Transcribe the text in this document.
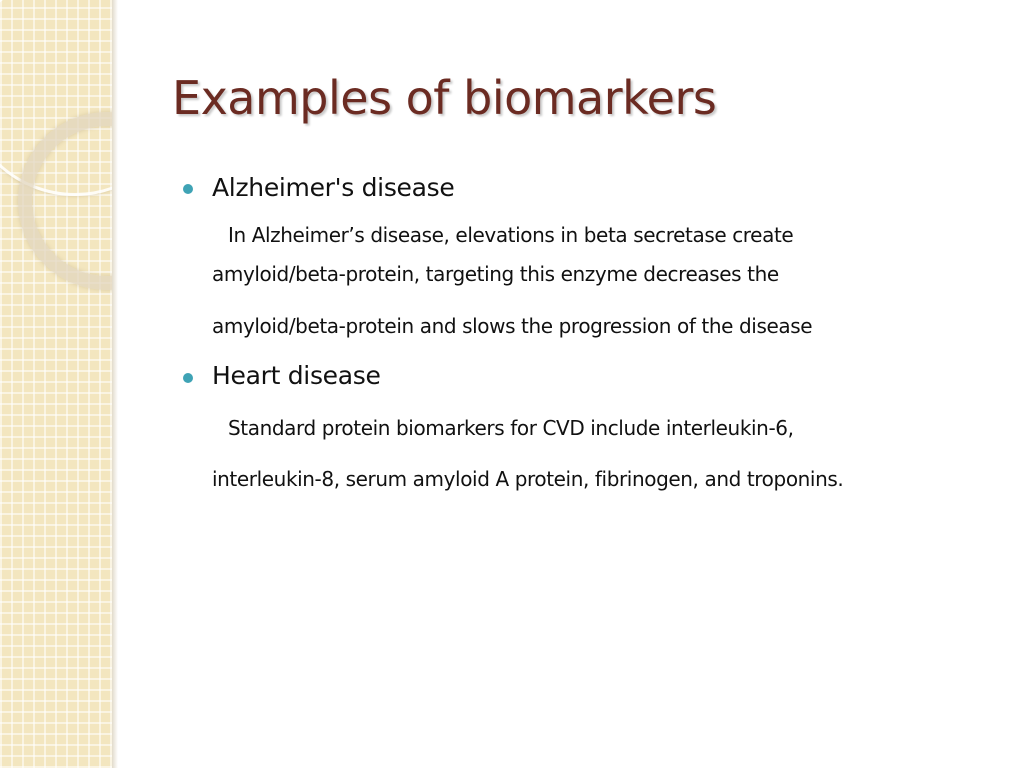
Examples of biomarkers

Alzheimer's disease

In Alzheimer’s disease, elevations in beta secretase create

amyloid/beta-protein, targeting this enzyme decreases the

amyloid/beta-protein and slows the progression of the disease

Heart disease

Standard protein biomarkers for CVD include interleukin-6,

interleukin-8, serum amyloid A protein, fibrinogen, and troponins.
